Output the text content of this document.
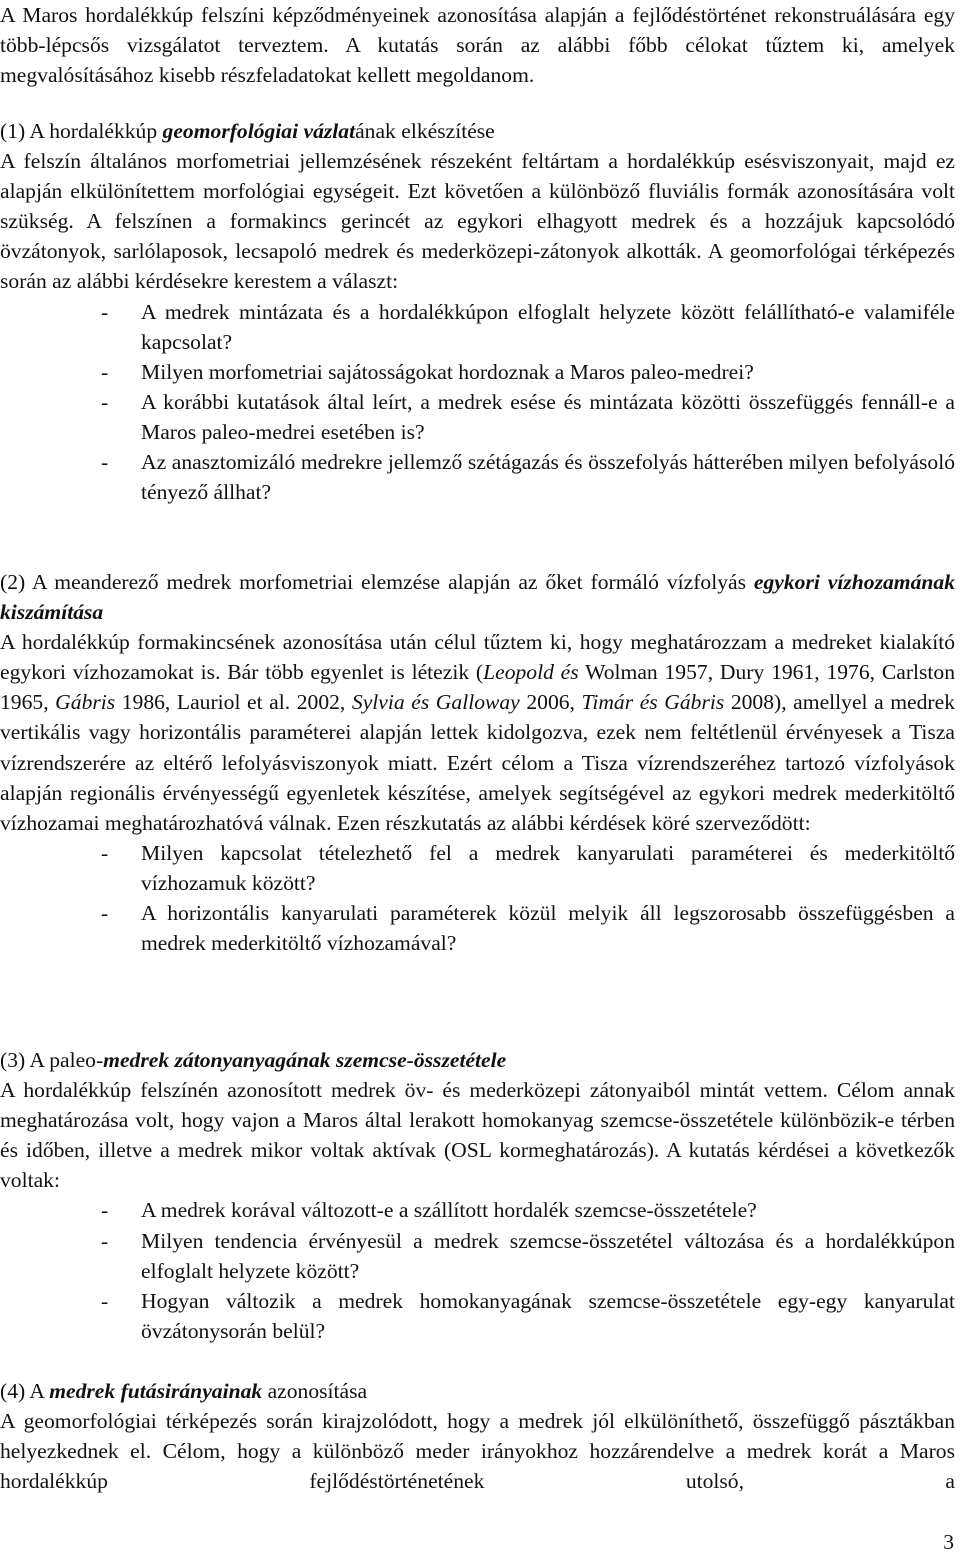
A Maros hordalékkúp felszíni képződményeinek azonosítása alapján a fejlődéstörténet rekonstruálására egy több-lépcsős vizsgálatot terveztem. A kutatás során az alábbi főbb célokat tűztem ki, amelyek megvalósításához kisebb részfeladatokat kellett megoldanom.

(1) A hordalékkúp geomorfológiai vázlatának elkészítése

A felszín általános morfometriai jellemzésének részeként feltártam a hordalékkúp esésviszonyait, majd ez alapján elkülönítettem morfológiai egységeit. Ezt követően a különböző fluviális formák azonosítására volt szükség. A felszínen a formakincs gerincét az egykori elhagyott medrek és a hozzájuk kapcsolódó övzátonyok, sarlólaposok, lecsapoló medrek és mederközepi-zátonyok alkották. A geomorfológai térképezés során az alábbi kérdésekre kerestem a választ:

- A medrek mintázata és a hordalékkúpon elfoglalt helyzete között felállítható-e valamiféle kapcsolat?
- Milyen morfometriai sajátosságokat hordoznak a Maros paleo-medrei?
- A korábbi kutatások által leírt, a medrek esése és mintázata közötti összefüggés fennáll-e a Maros paleo-medrei esetében is?
- Az anasztomizáló medrekre jellemző szétágazás és összefolyás hátterében milyen befolyásoló tényező állhat?

(2) A meanderező medrek morfometriai elemzése alapján az őket formáló vízfolyás egykori vízhozamának kiszámítása

A hordalékkúp formakincsének azonosítása után célul tűztem ki, hogy meghatározzam a medreket kialakító egykori vízhozamokat is. Bár több egyenlet is létezik (Leopold és Wolman 1957, Dury 1961, 1976, Carlston 1965, Gábris 1986, Lauriol et al. 2002, Sylvia és Galloway 2006, Timár és Gábris 2008), amellyel a medrek vertikális vagy horizontális paraméterei alapján lettek kidolgozva, ezek nem feltétlenül érvényesek a Tisza vízrendszerére az eltérő lefolyásviszonyok miatt. Ezért célom a Tisza vízrendszeréhez tartozó vízfolyások alapján regionális érvényességű egyenletek készítése, amelyek segítségével az egykori medrek mederkitöltő vízhozamai meghatározhatóvá válnak. Ezen részkutatás az alábbi kérdések köré szerveződött:

- Milyen kapcsolat tételezhető fel a medrek kanyarulati paraméterei és mederkitöltő vízhozamuk között?
- A horizontális kanyarulati paraméterek közül melyik áll legszorosabb összefüggésben a medrek mederkitöltő vízhozamával?

(3) A paleo-medrek zátonyanyagának szemcse-összetétele

A hordalékkúp felszínén azonosított medrek öv- és mederközepi zátonyaiból mintát vettem. Célom annak meghatározása volt, hogy vajon a Maros által lerakott homokanyag szemcse-összetétele különbözik-e térben és időben, illetve a medrek mikor voltak aktívak (OSL kormeghatározás). A kutatás kérdései a következők voltak:

- A medrek korával változott-e a szállított hordalék szemcse-összetétele?
- Milyen tendencia érvényesül a medrek szemcse-összetétel változása és a hordalékkúpon elfoglalt helyzete között?
- Hogyan változik a medrek homokanyagának szemcse-összetétele egy-egy kanyarulat övzátonysorán belül?

(4) A medrek futásirányainak azonosítása

A geomorfológiai térképezés során kirajzolódott, hogy a medrek jól elkülöníthető, összefüggő pásztákban helyezkednek el. Célom, hogy a különböző meder irányokhoz hozzárendelve a medrek korát a Maros hordalékkúp fejlődéstörténetének utolsó, a

3
